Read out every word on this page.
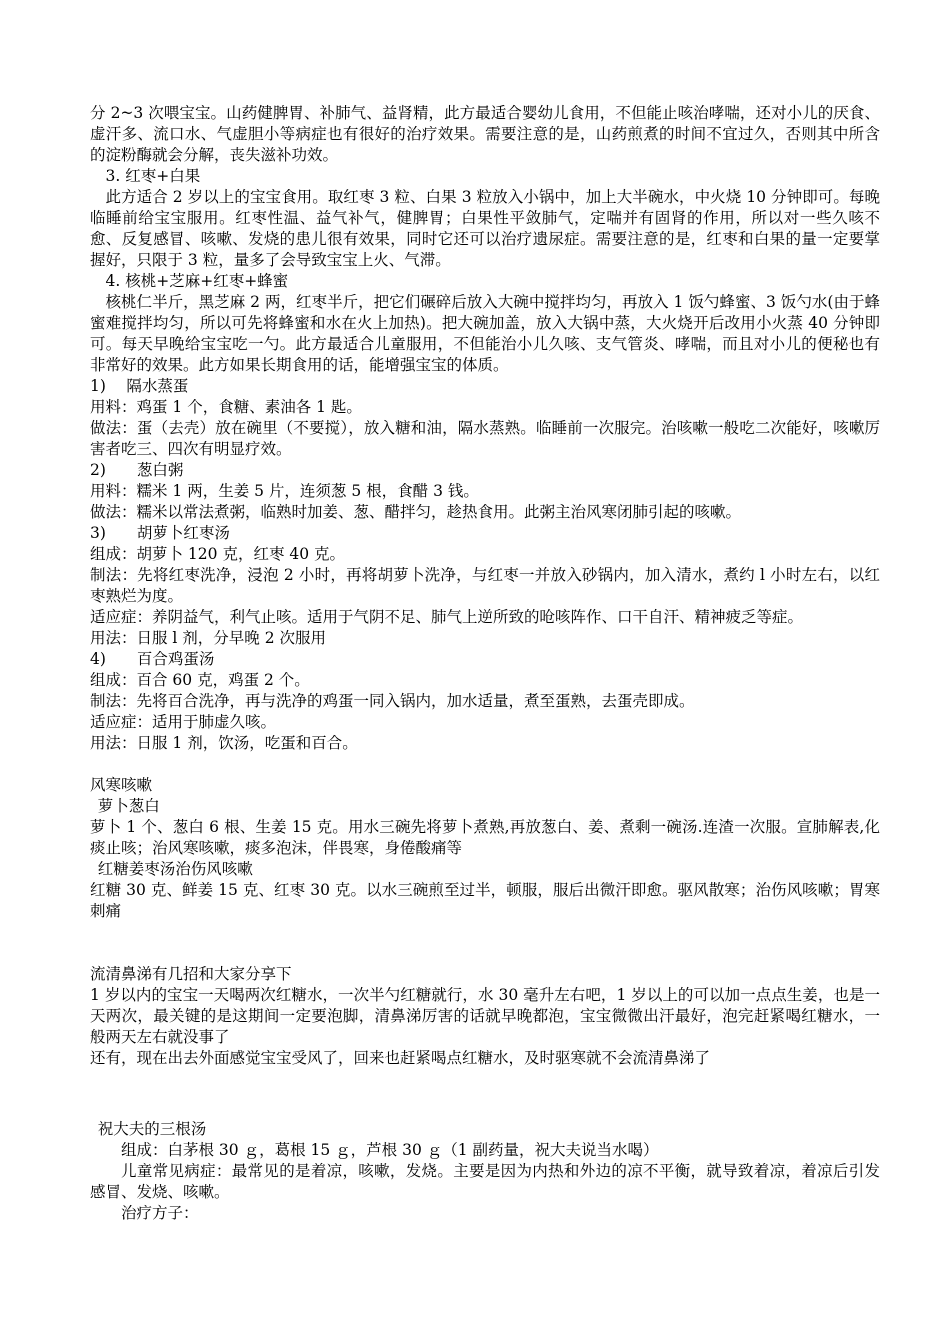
分 2~3 次喂宝宝。山药健脾胃、补肺气、益肾精，此方最适合婴幼儿食用，不但能止咳治哮喘，还对小儿的厌食、虚汗多、流口水、气虚胆小等病症也有很好的治疗效果。需要注意的是，山药煎煮的时间不宜过久，否则其中所含的淀粉酶就会分解，丧失滋补功效。

3. 红枣+白果

此方适合 2 岁以上的宝宝食用。取红枣 3 粒、白果 3 粒放入小锅中，加上大半碗水，中火烧 10 分钟即可。每晚临睡前给宝宝服用。红枣性温、益气补气，健脾胃；白果性平敛肺气，定喘并有固肾的作用，所以对一些久咳不愈、反复感冒、咳嗽、发烧的患儿很有效果，同时它还可以治疗遗尿症。需要注意的是，红枣和白果的量一定要掌握好，只限于 3 粒，量多了会导致宝宝上火、气滞。

4. 核桃+芝麻+红枣+蜂蜜

核桃仁半斤，黑芝麻 2 两，红枣半斤，把它们碾碎后放入大碗中搅拌均匀，再放入 1 饭勺蜂蜜、3 饭勺水(由于蜂蜜难搅拌均匀，所以可先将蜂蜜和水在火上加热)。把大碗加盖，放入大锅中蒸，大火烧开后改用小火蒸 40 分钟即可。每天早晚给宝宝吃一勺。此方最适合儿童服用，不但能治小儿久咳、支气管炎、哮喘，而且对小儿的便秘也有非常好的效果。此方如果长期食用的话，能增强宝宝的体质。

1)　 隔水蒸蛋

用料：鸡蛋 1 个，食糖、素油各 1 匙。

做法：蛋（去壳）放在碗里（不要搅），放入糖和油，隔水蒸熟。临睡前一次服完。治咳嗽一般吃二次能好，咳嗽厉害者吃三、四次有明显疗效。

2)　　葱白粥

用料：糯米 1 两，生姜 5 片，连须葱 5 根，食醋 3 钱。

做法：糯米以常法煮粥，临熟时加姜、葱、醋拌匀，趁热食用。此粥主治风寒闭肺引起的咳嗽。

3)　　胡萝卜红枣汤

组成：胡萝卜 120 克，红枣 40 克。

制法：先将红枣洗净，浸泡 2 小时，再将胡萝卜洗净，与红枣一并放入砂锅内，加入清水，煮约 l 小时左右，以红枣熟烂为度。

适应症：养阴益气，利气止咳。适用于气阴不足、肺气上逆所致的呛咳阵作、口干自汗、精神疲乏等症。

用法：日服 l 剂，分早晚 2 次服用

4)　　百合鸡蛋汤

组成：百合 60 克，鸡蛋 2 个。

制法：先将百合洗净，再与洗净的鸡蛋一同入锅内，加水适量，煮至蛋熟，去蛋壳即成。

适应症：适用于肺虚久咳。

用法：日服 1 剂，饮汤，吃蛋和百合。

风寒咳嗽

萝卜葱白

萝卜 1 个、葱白 6 根、生姜 15 克。用水三碗先将萝卜煮熟,再放葱白、姜、煮剩一碗汤.连渣一次服。宣肺解表,化痰止咳；治风寒咳嗽，痰多泡沫，伴畏寒，身倦酸痛等

红糖姜枣汤治伤风咳嗽

红糖 30 克、鲜姜 15 克、红枣 30 克。以水三碗煎至过半，顿服，服后出微汗即愈。驱风散寒；治伤风咳嗽；胃寒刺痛

流清鼻涕有几招和大家分享下

1 岁以内的宝宝一天喝两次红糖水，一次半勺红糖就行，水 30 毫升左右吧，1 岁以上的可以加一点点生姜，也是一天两次，最关键的是这期间一定要泡脚，清鼻涕厉害的话就早晚都泡，宝宝微微出汗最好，泡完赶紧喝红糖水，一般两天左右就没事了

还有，现在出去外面感觉宝宝受风了，回来也赶紧喝点红糖水，及时驱寒就不会流清鼻涕了

祝大夫的三根汤

组成：白茅根 30 ｇ，葛根 15 ｇ，芦根 30 ｇ（1 副药量，祝大夫说当水喝）

儿童常见病症：最常见的是着凉，咳嗽，发烧。主要是因为内热和外边的凉不平衡，就导致着凉，着凉后引发感冒、发烧、咳嗽。

治疗方子：
